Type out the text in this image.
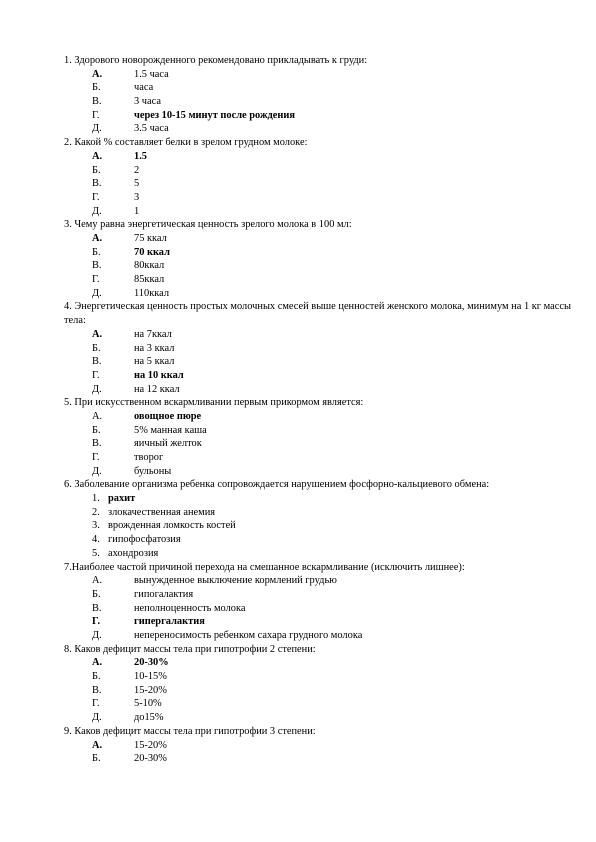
1. Здорового новорожденного рекомендовано прикладывать к груди:
А.	1.5 часа
Б.	часа
В.	3 часа
Г.	через 10-15 минут после рождения
Д.	3.5 часа
2. Какой % составляет белки в зрелом грудном молоке:
А.	1.5
Б.	2
В.	5
Г.	3
Д.	1
3. Чему равна энергетическая ценность зрелого молока в 100 мл:
А.	75 ккал
Б.	70 ккал
В.	80ккал
Г.	85ккал
Д.	110ккал
4. Энергетическая ценность простых молочных смесей выше ценностей женского молока, минимум на 1 кг массы тела:
А.	на 7ккал
Б.	на 3 ккал
В.	на 5 ккал
Г.	на 10 ккал
Д.	на 12 ккал
5. При искусственном вскармливании первым прикормом является:
А.	овощное пюре
Б.	5% манная каша
В.	яичный желток
Г.	творог
Д.	бульоны
6. Заболевание организма ребенка сопровождается нарушением фосфорно-кальциевого обмена:
1. рахит
2. злокачественная анемия
3. врожденная ломкость костей
4. гипофосфатозия
5. ахондрозия
7.Наиболее частой причиной перехода на смешанное вскармливание (исключить лишнее):
А.	вынужденное выключение кормлений грудью
Б.	гипогалактия
В.	неполноценность молока
Г.	гипергалактия
Д.	непереносимость ребенком сахара грудного молока
8. Каков дефицит массы тела при гипотрофии 2 степени:
А.	20-30%
Б.	10-15%
В.	15-20%
Г.	5-10%
Д.	до15%
9. Каков дефицит массы тела при гипотрофии 3 степени:
А.	15-20%
Б.	20-30%
